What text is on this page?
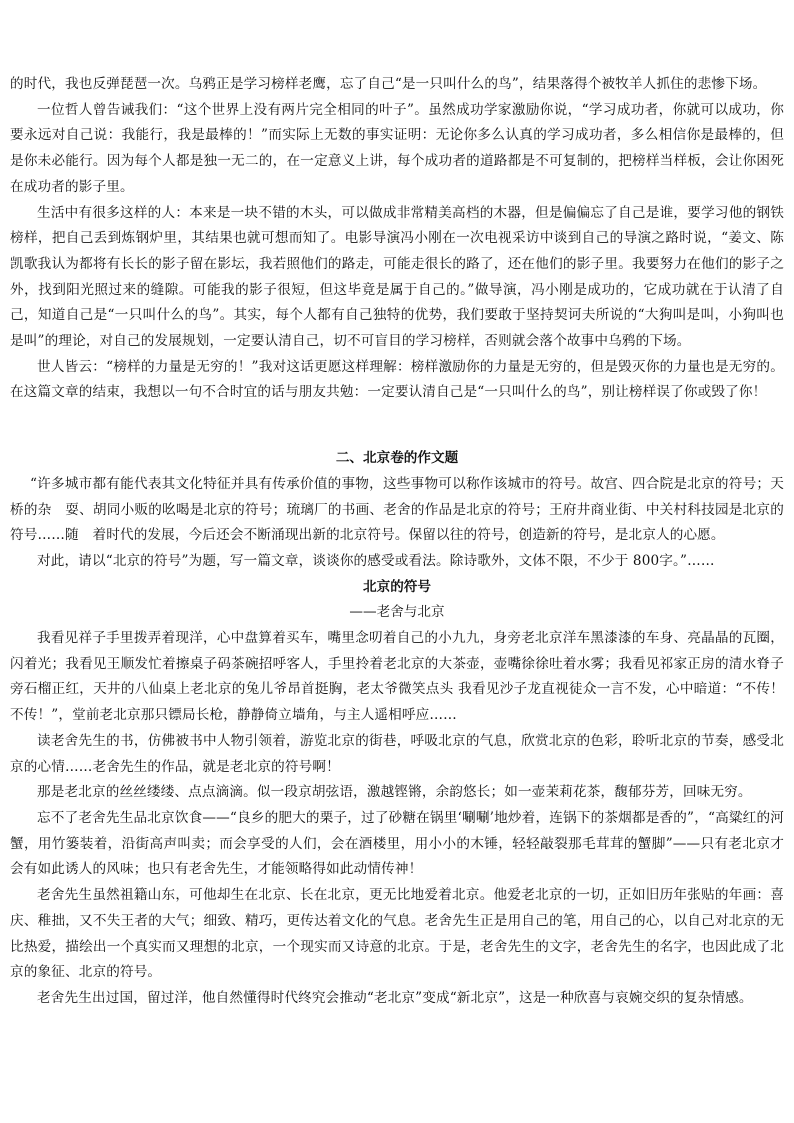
的时代，我也反弹琵琶一次。乌鸦正是学习榜样老鹰，忘了自己“是一只叫什么的鸟”，结果落得个被牧羊人抓住的悲惨下场。

一位哲人曾告诫我们：“这个世界上没有两片完全相同的叶子”。虽然成功学家激励你说，“学习成功者，你就可以成功，你要永远对自己说：我能行，我是最棒的！”而实际上无数的事实证明：无论你多么认真的学习成功者，多么相信你是最棒的，但是你未必能行。因为每个人都是独一无二的，在一定意义上讲，每个成功者的道路都是不可复制的，把榜样当样板，会让你困死在成功者的影子里。

生活中有很多这样的人：本来是一块不错的木头，可以做成非常精美高档的木器，但是偏偏忘了自己是谁，要学习他的钢铁榜样，把自己丢到炼钢炉里，其结果也就可想而知了。电影导演冯小刚在一次电视采访中谈到自己的导演之路时说，“姜文、陈凯歌我认为都将有长长的影子留在影坛，我若照他们的路走，可能走很长的路了，还在他们的影子里。我要努力在他们的影子之外，找到阳光照过来的缝隙。可能我的影子很短，但这毕竟是属于自己的。”做导演，冯小刚是成功的，它成功就在于认清了自己，知道自己是“一只叫什么的鸟”。其实，每个人都有自己独特的优势，我们要敢于坚持契诃夫所说的“大狗叫是叫，小狗叫也是叫”的理论，对自己的发展规划，一定要认清自己，切不可盲目的学习榜样，否则就会落个故事中乌鸦的下场。

世人皆云：“榜样的力量是无穷的！”我对这话更愿这样理解：榜样激励你的力量是无穷的，但是毁灭你的力量也是无穷的。在这篇文章的结束，我想以一句不合时宜的话与朋友共勉：一定要认清自己是“一只叫什么的鸟”，别让榜样误了你或毁了你！

二、北京卷的作文题

“许多城市都有能代表其文化特征并具有传承价值的事物，这些事物可以称作该城市的符号。故宫、四合院是北京的符号；天桥的杂　耍、胡同小贩的吆喝是北京的符号；琉璃厂的书画、老舍的作品是北京的符号；王府井商业街、中关村科技园是北京的符号……随　着时代的发展，今后还会不断涌现出新的北京符号。保留以往的符号，创造新的符号，是北京人的心愿。

对此，请以“北京的符号”为题，写一篇文章，谈谈你的感受或看法。除诗歌外，文体不限，不少于 800字。”……

北京的符号

——老舍与北京

我看见祥子手里拨弄着现洋，心中盘算着买车，嘴里念叨着自己的小九九，身旁老北京洋车黑漆漆的车身、亮晶晶的瓦圈，闪着光；我看见王顺发忙着擦桌子码茶碗招呼客人，手里拎着老北京的大茶壶，壶嘴徐徐吐着水雾；我看见祁家正房的清水脊子旁石榴正红，天井的八仙桌上老北京的兔儿爷昂首挺胸，老太爷微笑点头 我看见沙子龙直视徒众一言不发，心中暗道：“不传！不传！”，堂前老北京那只镖局长枪，静静倚立墙角，与主人遥相呼应……

读老舍先生的书，仿佛被书中人物引领着，游览北京的街巷，呼吸北京的气息，欣赏北京的色彩，聆听北京的节奏，感受北京的心情……老舍先生的作品，就是老北京的符号啊！

那是老北京的丝丝缕缕、点点滴滴。似一段京胡弦语，激越铿锵，余韵悠长；如一壶茉莉花茶，馥郁芬芳，回味无穷。

忘不了老舍先生品北京饮食——“良乡的肥大的栗子，过了砂糖在锅里‘唰唰’地炒着，连锅下的茶烟都是香的”，“高粱红的河蟹，用竹篓装着，沿街高声叫卖；而会享受的人们，会在酒楼里，用小小的木锤，轻轻敲裂那毛茸茸的蟹脚”——只有老北京才会有如此诱人的风味；也只有老舍先生，才能领略得如此动情传神！

老舍先生虽然祖籍山东，可他却生在北京、长在北京，更无比地爱着北京。他爱老北京的一切，正如旧历年张贴的年画：喜庆、稚拙，又不失王者的大气；细致、精巧，更传达着文化的气息。老舍先生正是用自己的笔，用自己的心，以自己对北京的无比热爱，描绘出一个真实而又理想的北京，一个现实而又诗意的北京。于是，老舍先生的文字，老舍先生的名字，也因此成了北京的象征、北京的符号。

老舍先生出过国，留过洋，他自然懂得时代终究会推动“老北京”变成“新北京”，这是一种欣喜与哀婉交织的复杂情感。
